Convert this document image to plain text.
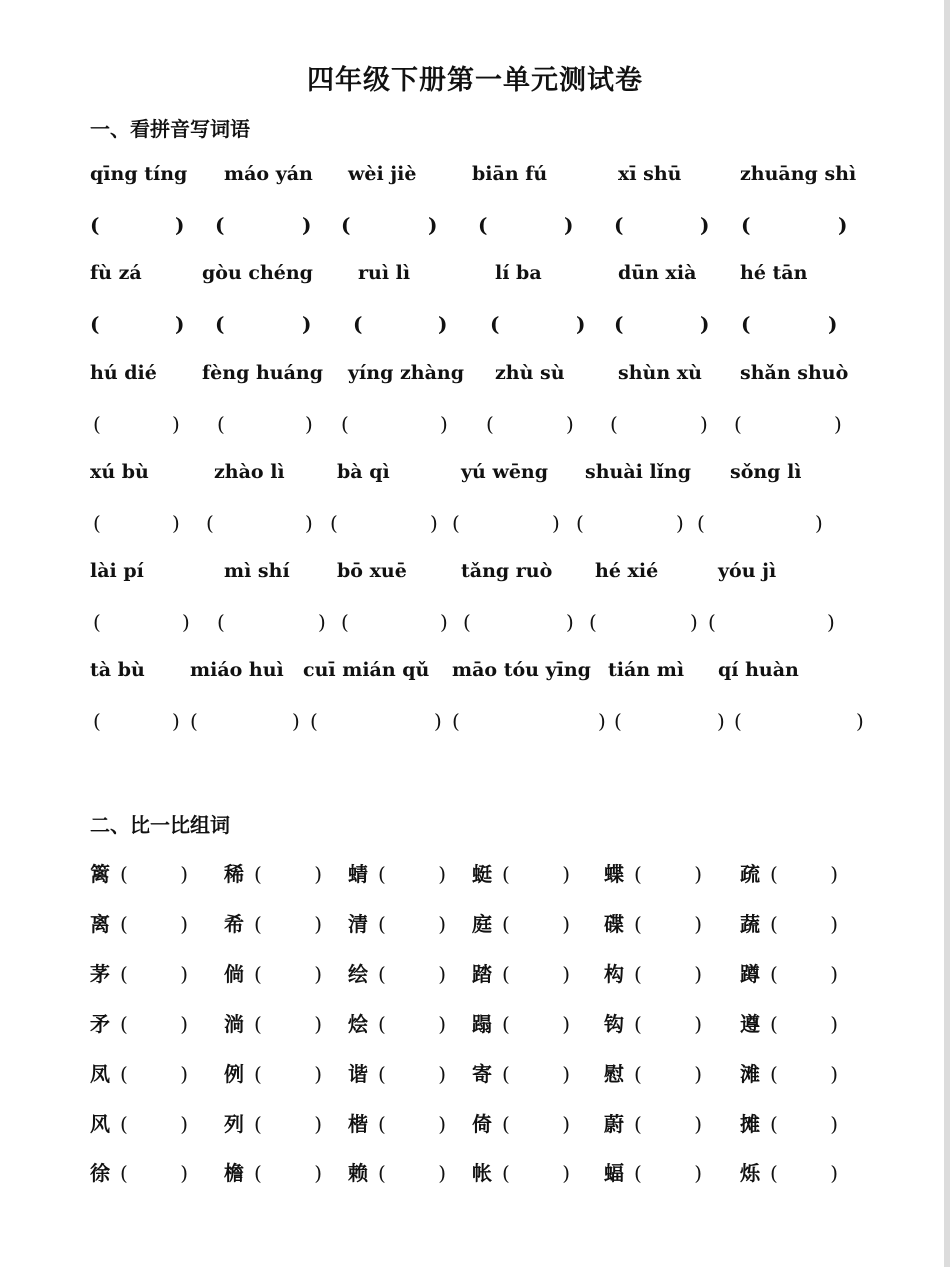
四年级下册第一单元测试卷
一、看拼音写词语
qīng tíng
(	)
máo yán
(	)
wèi jiè
(	)
biān fú
(	)
xī shū
(	)
zhuāng shì
(	)
fù zá
(	)
gòu chéng
(	)
ruì lì
(	)
lí ba
(	)
dūn xià
(	)
hé tān
(	)
hú dié
(	)
fèng huáng
(	)
yíng zhàng
(	)
zhù sù
(	)
shùn xù
(	)
shǎn shuò
(	)
xú bù
(	)
zhào lì
(	)
bà qì
(	)
yú wēng
(	)
shuài lǐng
(	)
sǒng lì
(	)
lài pí
(	)
mì shí
(	)
bō xuē
(	)
tǎng ruò
(	)
hé xié
(	)
yóu jì
(	)
tà bù
(	)
miáo huì
(	)
cuī mián qǔ
(	)
māo tóu yīng
(	)
tián mì
(	)
qí huàn
(	)
二、比一比组词
篱 ( )	稀 ( )	蜻 ( )	蜓 ( )	蝶 ( )	疏( )
离 ( )	希 ( )	清 ( )	庭 ( )	碟 ( )	蔬( )
茅 ( )	倘 ( )	绘 ( )	踏 ( )	构 ( )	蹲( )
矛 ( )	淌 ( )	烩 ( )	蹋 ( )	钩 ( )	遵( )
凤 ( )	例 ( )	谐 ( )	寄 ( )	慰 ( )	滩( )
风 ( )	列 ( )	楷 ( )	倚 ( )	蔚 ( )	摊( )
徐 ( )	檐 ( )	赖 ( )	帐 ( )	蝠 ( )	烁( )
